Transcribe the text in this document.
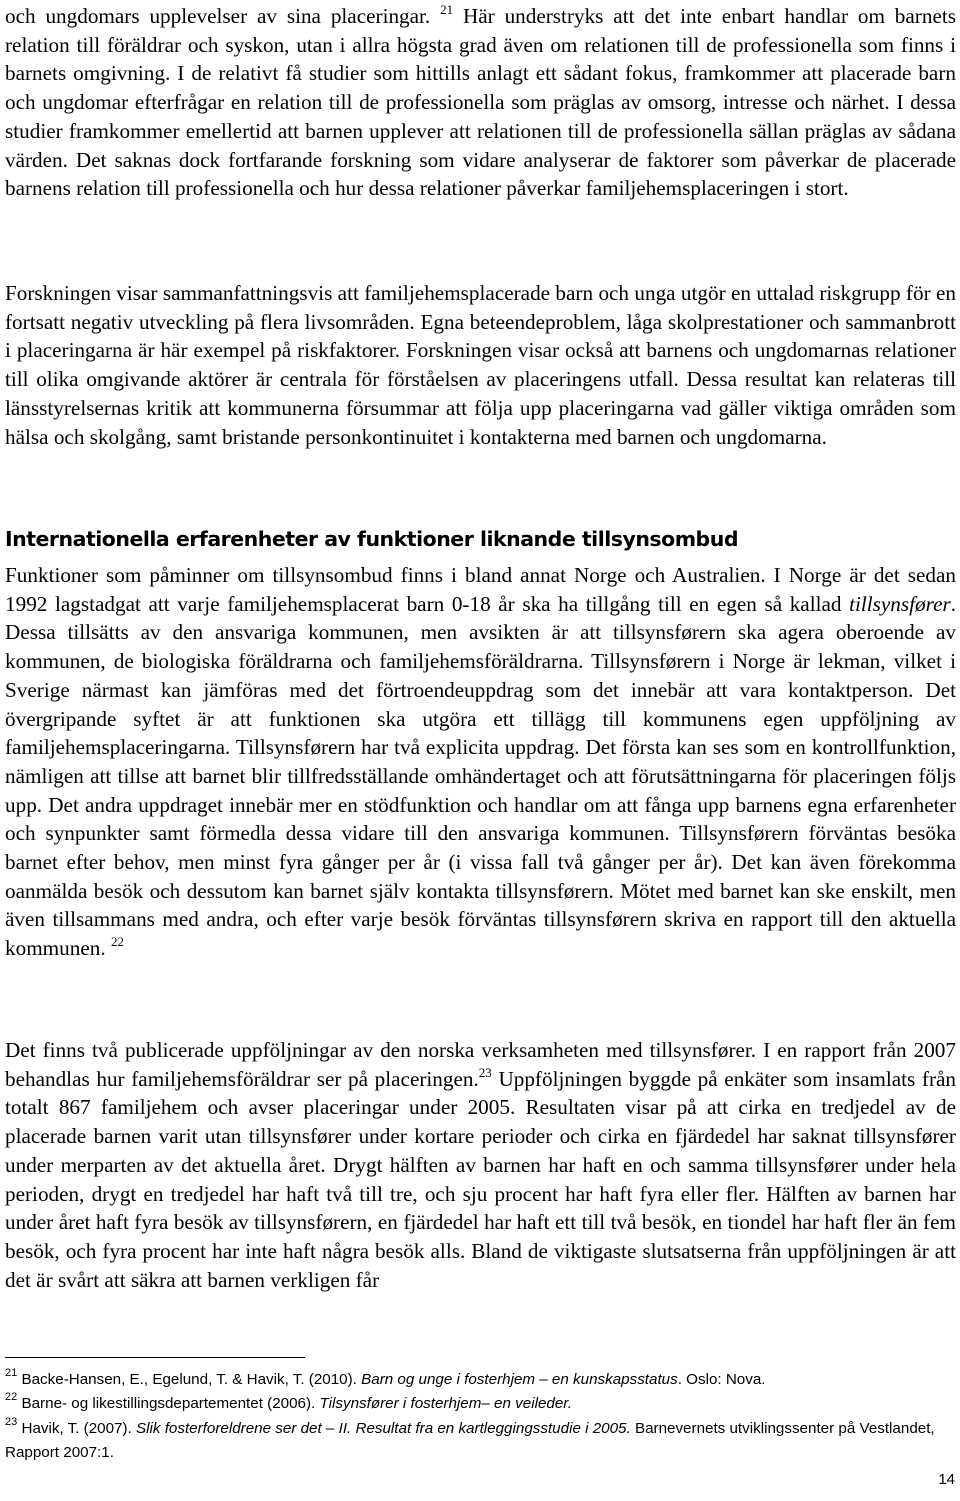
och ungdomars upplevelser av sina placeringar. $^{21}$ Här understryks att det inte enbart handlar om barnets relation till föräldrar och syskon, utan i allra högsta grad även om relationen till de professionella som finns i barnets omgivning. I de relativt få studier som hittills anlagt ett sådant fokus, framkommer att placerade barn och ungdomar efterfrågar en relation till de professionella som präglas av omsorg, intresse och närhet. I dessa studier framkommer emellertid att barnen upplever att relationen till de professionella sällan präglas av sådana värden. Det saknas dock fortfarande forskning som vidare analyserar de faktorer som påverkar de placerade barnens relation till professionella och hur dessa relationer påverkar familjehemsplaceringen i stort.

Forskningen visar sammanfattningsvis att familjehemsplacerade barn och unga utgör en uttalad riskgrupp för en fortsatt negativ utveckling på flera livsområden. Egna beteendeproblem, låga skolprestationer och sammanbrott i placeringarna är här exempel på riskfaktorer. Forskningen visar också att barnens och ungdomarnas relationer till olika omgivande aktörer är centrala för förståelsen av placeringens utfall. Dessa resultat kan relateras till länsstyrelsernas kritik att kommunerna försummar att följa upp placeringarna vad gäller viktiga områden som hälsa och skolgång, samt bristande personkontinuitet i kontakterna med barnen och ungdomarna.

Internationella erfarenheter av funktioner liknande tillsynsombud

Funktioner som påminner om tillsynsombud finns i bland annat Norge och Australien. I Norge är det sedan 1992 lagstadgat att varje familjehemsplacerat barn 0-18 år ska ha tillgång till en egen så kallad tillsynsfører. Dessa tillsätts av den ansvariga kommunen, men avsikten är att tillsynsførern ska agera oberoende av kommunen, de biologiska föräldrarna och familjehemsföräldrarna. Tillsynsførern i Norge är lekman, vilket i Sverige närmast kan jämföras med det förtroendeuppdrag som det innebär att vara kontaktperson. Det övergripande syftet är att funktionen ska utgöra ett tillägg till kommunens egen uppföljning av familjehemsplaceringarna. Tillsynsførern har två explicita uppdrag. Det första kan ses som en kontrollfunktion, nämligen att tillse att barnet blir tillfredsställande omhändertaget och att förutsättningarna för placeringen följs upp. Det andra uppdraget innebär mer en stödfunktion och handlar om att fånga upp barnens egna erfarenheter och synpunkter samt förmedla dessa vidare till den ansvariga kommunen. Tillsynsførern förväntas besöka barnet efter behov, men minst fyra gånger per år (i vissa fall två gånger per år). Det kan även förekomma oanmälda besök och dessutom kan barnet själv kontakta tillsynsførern. Mötet med barnet kan ske enskilt, men även tillsammans med andra, och efter varje besök förväntas tillsynsførern skriva en rapport till den aktuella kommunen. $^{22}$

Det finns två publicerade uppföljningar av den norska verksamheten med tillsynsfører. I en rapport från 2007 behandlas hur familjehemsföräldrar ser på placeringen.$^{23}$ Uppföljningen byggde på enkäter som insamlats från totalt 867 familjehem och avser placeringar under 2005. Resultaten visar på att cirka en tredjedel av de placerade barnen varit utan tillsynsfører under kortare perioder och cirka en fjärdedel har saknat tillsynsfører under merparten av det aktuella året. Drygt hälften av barnen har haft en och samma tillsynsfører under hela perioden, drygt en tredjedel har haft två till tre, och sju procent har haft fyra eller fler. Hälften av barnen har under året haft fyra besök av tillsynsførern, en fjärdedel har haft ett till två besök, en tiondel har haft fler än fem besök, och fyra procent har inte haft några besök alls. Bland de viktigaste slutsatserna från uppföljningen är att det är svårt att säkra att barnen verkligen får

$^{21}$ Backe-Hansen, E., Egelund, T. & Havik, T. (2010). Barn og unge i fosterhjem – en kunskapsstatus. Oslo: Nova.

$^{22}$ Barne- og likestillingsdepartementet (2006). Tilsynsfører i fosterhjem– en veileder.

$^{23}$ Havik, T. (2007). Slik fosterforeldrene ser det – II. Resultat fra en kartleggingsstudie i 2005. Barnevernets utviklingssenter på Vestlandet, Rapport 2007:1.

14
